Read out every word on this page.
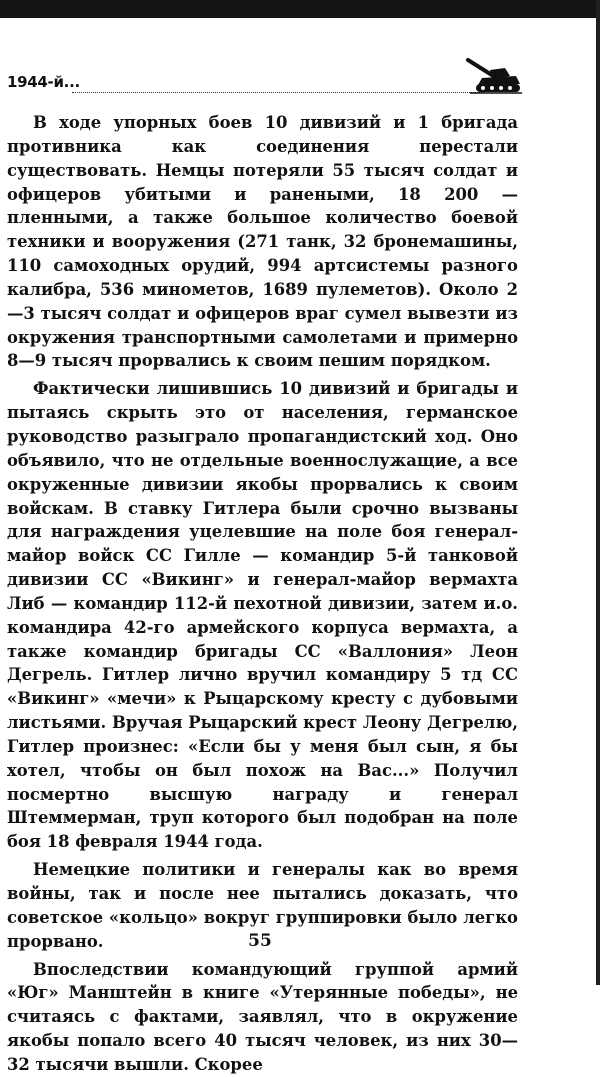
1944-й...

В ходе упорных боев 10 дивизий и 1 бригада противника как соединения перестали существовать. Немцы потеряли 55 тысяч солдат и офицеров убитыми и ранеными, 18 200 — пленными, а также большое количество боевой техники и вооружения (271 танк, 32 бронемашины, 110 самоходных орудий, 994 артсистемы разного калибра, 536 минометов, 1689 пулеметов). Около 2—3 тысяч солдат и офицеров враг сумел вывезти из окружения транспортными самолетами и примерно 8—9 тысяч прорвались к своим пешим порядком.

Фактически лишившись 10 дивизий и бригады и пытаясь скрыть это от населения, германское руководство разыграло пропагандистский ход. Оно объявило, что не отдельные военнослужащие, а все окруженные дивизии якобы прорвались к своим войскам. В ставку Гитлера были срочно вызваны для награждения уцелевшие на поле боя генерал-майор войск СС Гилле — командир 5-й танковой дивизии СС «Викинг» и генерал-майор вермахта Либ — командир 112-й пехотной дивизии, затем и.о. командира 42-го армейского корпуса вермахта, а также командир бригады СС «Валлония» Леон Дегрель. Гитлер лично вручил командиру 5 тд СС «Викинг» «мечи» к Рыцарскому кресту с дубовыми листьями. Вручая Рыцарский крест Леону Дегрелю, Гитлер произнес: «Если бы у меня был сын, я бы хотел, чтобы он был похож на Вас...» Получил посмертно высшую награду и генерал Штеммерман, труп которого был подобран на поле боя 18 февраля 1944 года.

Немецкие политики и генералы как во время войны, так и после нее пытались доказать, что советское «кольцо» вокруг группировки было легко прорвано.

Впоследствии командующий группой армий «Юг» Манштейн в книге «Утерянные победы», не считаясь с фактами, заявлял, что в окружение якобы попало всего 40 тысяч человек, из них 30—32 тысячи вышли. Скорее

55
